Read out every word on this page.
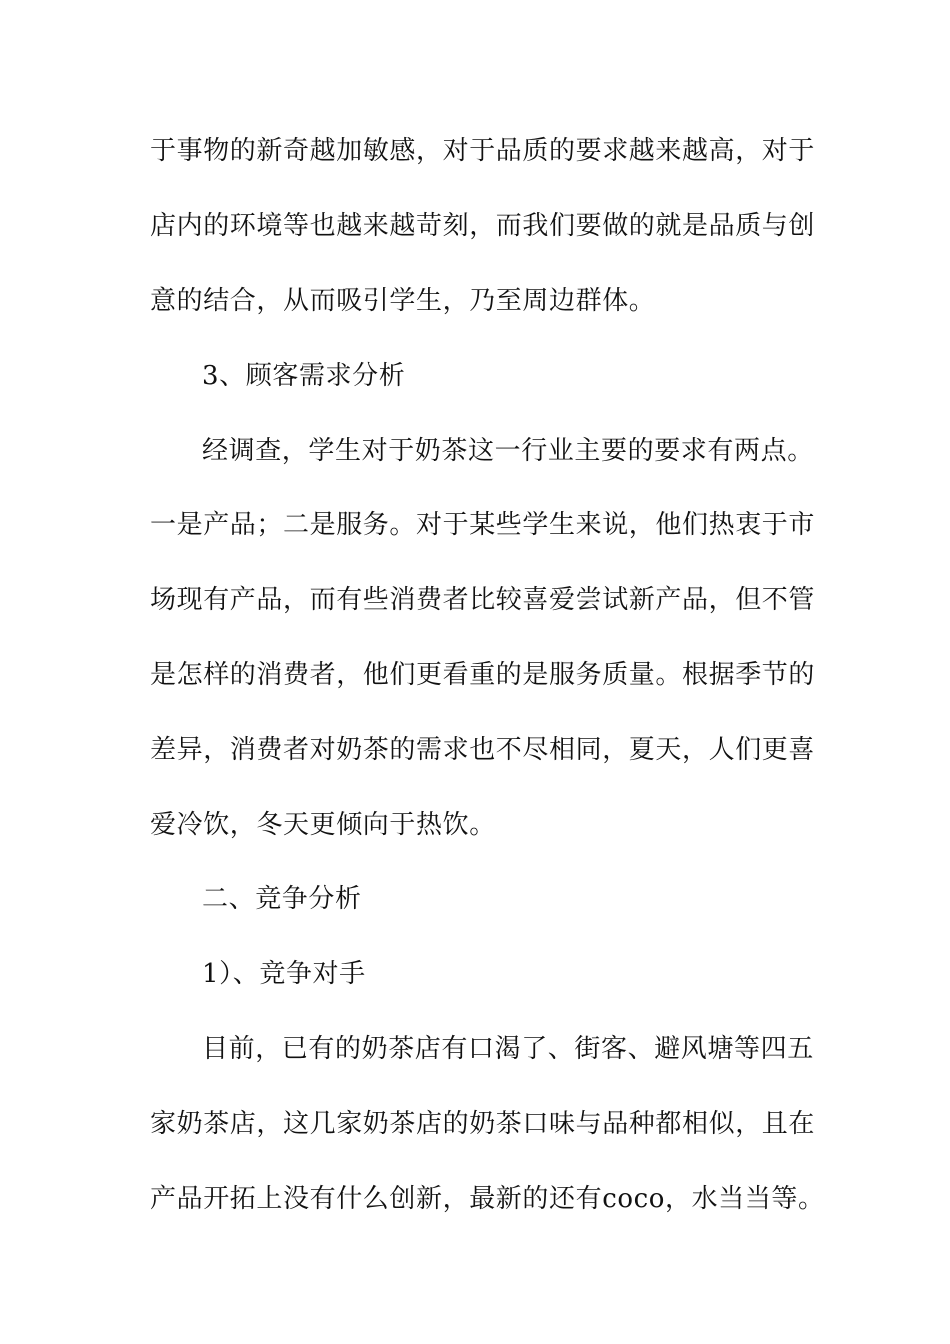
于事物的新奇越加敏感，对于品质的要求越来越高，对于
店内的环境等也越来越苛刻，而我们要做的就是品质与创
意的结合，从而吸引学生，乃至周边群体。
3、顾客需求分析
经调查，学生对于奶茶这一行业主要的要求有两点。
一是产品；二是服务。对于某些学生来说，他们热衷于市
场现有产品，而有些消费者比较喜爱尝试新产品，但不管
是怎样的消费者，他们更看重的是服务质量。根据季节的
差异，消费者对奶茶的需求也不尽相同，夏天，人们更喜
爱冷饮，冬天更倾向于热饮。
二、竞争分析
1）、竞争对手
目前，已有的奶茶店有口渴了、街客、避风塘等四五
家奶茶店，这几家奶茶店的奶茶口味与品种都相似，且在
产品开拓上没有什么创新，最新的还有coco，水当当等。
